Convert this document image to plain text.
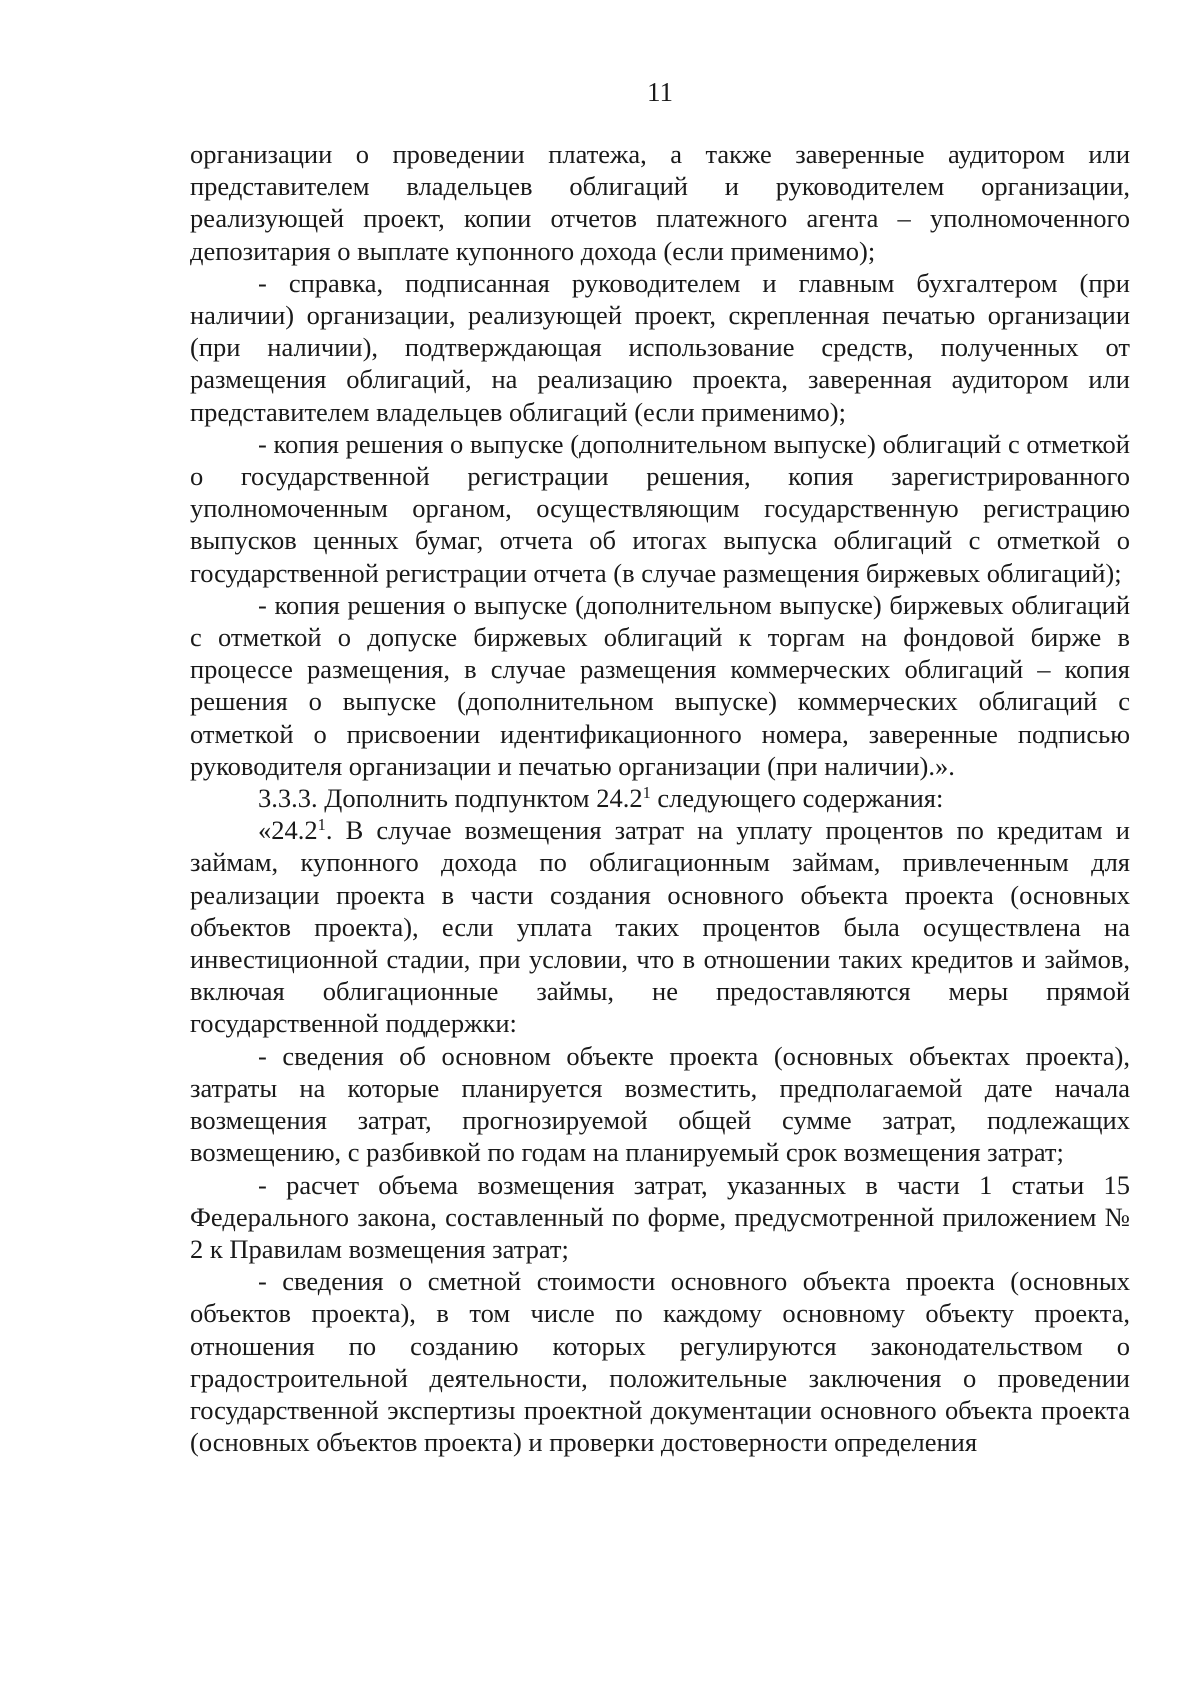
11

организации о проведении платежа, а также заверенные аудитором или представителем владельцев облигаций и руководителем организации, реализующей проект, копии отчетов платежного агента – уполномоченного депозитария о выплате купонного дохода (если применимо);

- справка, подписанная руководителем и главным бухгалтером (при наличии) организации, реализующей проект, скрепленная печатью организации (при наличии), подтверждающая использование средств, полученных от размещения облигаций, на реализацию проекта, заверенная аудитором или представителем владельцев облигаций (если применимо);

- копия решения о выпуске (дополнительном выпуске) облигаций с отметкой о государственной регистрации решения, копия зарегистрированного уполномоченным органом, осуществляющим государственную регистрацию выпусков ценных бумаг, отчета об итогах выпуска облигаций с отметкой о государственной регистрации отчета (в случае размещения биржевых облигаций);

- копия решения о выпуске (дополнительном выпуске) биржевых облигаций с отметкой о допуске биржевых облигаций к торгам на фондовой бирже в процессе размещения, в случае размещения коммерческих облигаций – копия решения о выпуске (дополнительном выпуске) коммерческих облигаций с отметкой о присвоении идентификационного номера, заверенные подписью руководителя организации и печатью организации (при наличии).».

3.3.3. Дополнить подпунктом 24.2$^1$ следующего содержания:

«24.2$^1$. В случае возмещения затрат на уплату процентов по кредитам и займам, купонного дохода по облигационным займам, привлеченным для реализации проекта в части создания основного объекта проекта (основных объектов проекта), если уплата таких процентов была осуществлена на инвестиционной стадии, при условии, что в отношении таких кредитов и займов, включая облигационные займы, не предоставляются меры прямой государственной поддержки:

- сведения об основном объекте проекта (основных объектах проекта), затраты на которые планируется возместить, предполагаемой дате начала возмещения затрат, прогнозируемой общей сумме затрат, подлежащих возмещению, с разбивкой по годам на планируемый срок возмещения затрат;

- расчет объема возмещения затрат, указанных в части 1 статьи 15 Федерального закона, составленный по форме, предусмотренной приложением № 2 к Правилам возмещения затрат;

- сведения о сметной стоимости основного объекта проекта (основных объектов проекта), в том числе по каждому основному объекту проекта, отношения по созданию которых регулируются законодательством о градостроительной деятельности, положительные заключения о проведении государственной экспертизы проектной документации основного объекта проекта (основных объектов проекта) и проверки достоверности определения
